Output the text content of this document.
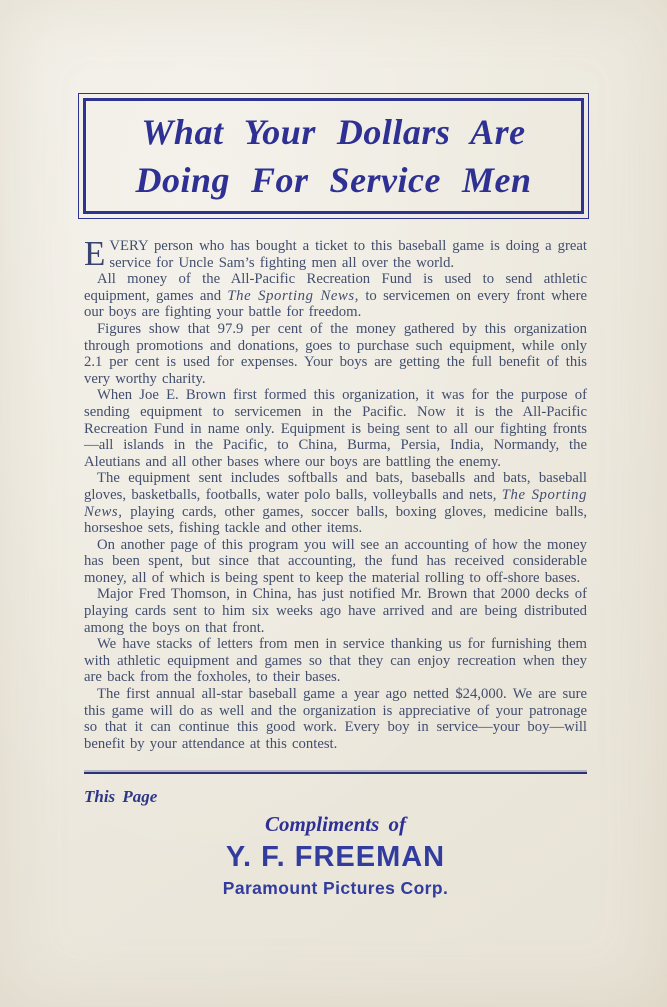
What Your Dollars Are
Doing For Service Men

EVERY person who has bought a ticket to this baseball game is doing a great service for Uncle Sam’s fighting men all over the world.

All money of the All-Pacific Recreation Fund is used to send athletic equipment, games and The Sporting News, to servicemen on every front where our boys are fighting your battle for freedom.

Figures show that 97.9 per cent of the money gathered by this organization through promotions and donations, goes to purchase such equipment, while only 2.1 per cent is used for expenses. Your boys are getting the full benefit of this very worthy charity.

When Joe E. Brown first formed this organization, it was for the purpose of sending equipment to servicemen in the Pacific. Now it is the All-Pacific Recreation Fund in name only. Equipment is being sent to all our fighting fronts—all islands in the Pacific, to China, Burma, Persia, India, Normandy, the Aleutians and all other bases where our boys are battling the enemy.

The equipment sent includes softballs and bats, baseballs and bats, baseball gloves, basketballs, footballs, water polo balls, volleyballs and nets, The Sporting News, playing cards, other games, soccer balls, boxing gloves, medicine balls, horseshoe sets, fishing tackle and other items.

On another page of this program you will see an accounting of how the money has been spent, but since that accounting, the fund has received considerable money, all of which is being spent to keep the material rolling to off-shore bases.

Major Fred Thomson, in China, has just notified Mr. Brown that 2000 decks of playing cards sent to him six weeks ago have arrived and are being distributed among the boys on that front.

We have stacks of letters from men in service thanking us for furnishing them with athletic equipment and games so that they can enjoy recreation when they are back from the foxholes, to their bases.

The first annual all-star baseball game a year ago netted $24,000. We are sure this game will do as well and the organization is appreciative of your patronage so that it can continue this good work. Every boy in service—your boy—will benefit by your attendance at this contest.

This Page
Compliments of
Y. F. FREEMAN
Paramount Pictures Corp.
